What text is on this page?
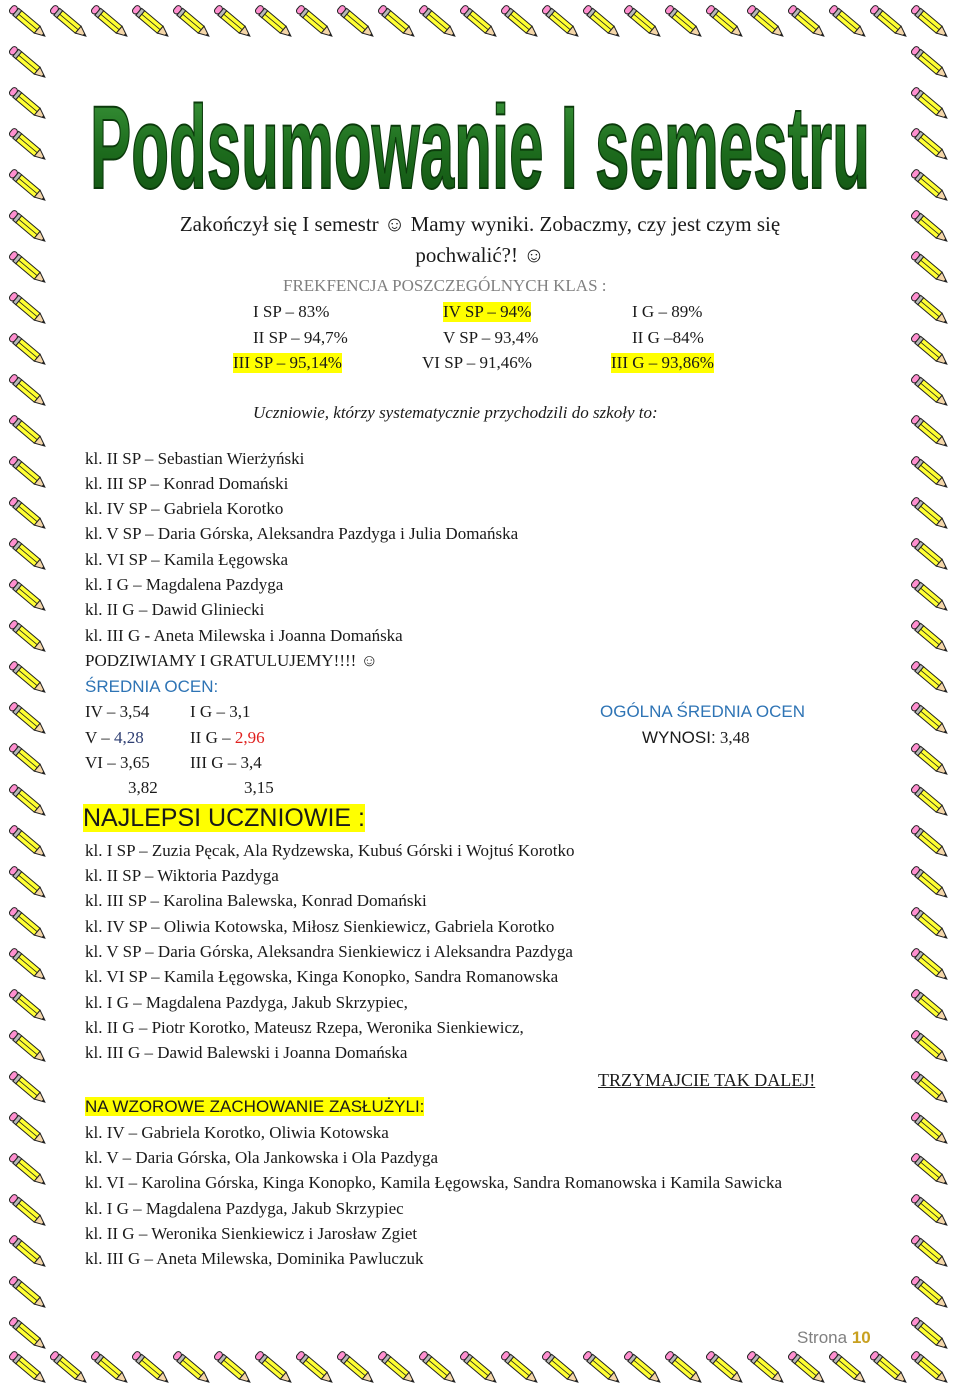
Podsumowanie I semestru
Zakończył się I semestr ☺ Mamy wyniki. Zobaczmy, czy jest czym się
pochwalić?! ☺
FREKFENCJA POSZCZEGÓLNYCH KLAS :
I SP – 83%
II SP – 94,7%
III SP – 95,14%
IV SP – 94%
V SP – 93,4%
VI SP – 91,46%
I G – 89%
II G –84%
III G – 93,86%
Uczniowie, którzy systematycznie przychodzili do szkoły to:
kl. II SP – Sebastian Wierżyński
kl. III SP – Konrad Domański
kl. IV SP – Gabriela Korotko
kl. V SP – Daria Górska, Aleksandra Pazdyga i Julia Domańska
kl. VI SP – Kamila Łęgowska
kl. I G – Magdalena Pazdyga
kl. II G – Dawid Gliniecki
kl. III G - Aneta Milewska i Joanna Domańska
PODZIWIAMY I GRATULUJEMY!!!! ☺
ŚREDNIA OCEN:
IV – 3,54
V – 4,28
VI – 3,65
3,82
I G – 3,1
II G – 2,96
III G – 3,4
3,15
OGÓLNA ŚREDNIA OCEN
WYNOSI: 3,48
NAJLEPSI UCZNIOWIE :
kl. I SP – Zuzia Pęcak, Ala Rydzewska, Kubuś Górski i Wojtuś Korotko
kl. II SP – Wiktoria Pazdyga
kl. III SP – Karolina Balewska, Konrad Domański
kl. IV SP – Oliwia Kotowska, Miłosz Sienkiewicz, Gabriela Korotko
kl. V SP – Daria Górska, Aleksandra Sienkiewicz i Aleksandra Pazdyga
kl. VI SP – Kamila Łęgowska, Kinga Konopko, Sandra Romanowska
kl. I G – Magdalena Pazdyga, Jakub Skrzypiec,
kl. II G – Piotr Korotko, Mateusz Rzepa, Weronika Sienkiewicz,
kl. III G – Dawid Balewski i Joanna Domańska
TRZYMAJCIE TAK DALEJ!
NA WZOROWE ZACHOWANIE ZASŁUŻYLI:
kl. IV – Gabriela Korotko, Oliwia Kotowska
kl. V – Daria Górska, Ola Jankowska i Ola Pazdyga
kl. VI – Karolina Górska, Kinga Konopko, Kamila Łęgowska, Sandra Romanowska i Kamila Sawicka
kl. I G – Magdalena Pazdyga, Jakub Skrzypiec
kl. II G – Weronika Sienkiewicz i Jarosław Zgiet
kl. III G – Aneta Milewska, Dominika Pawluczuk
Strona 10
